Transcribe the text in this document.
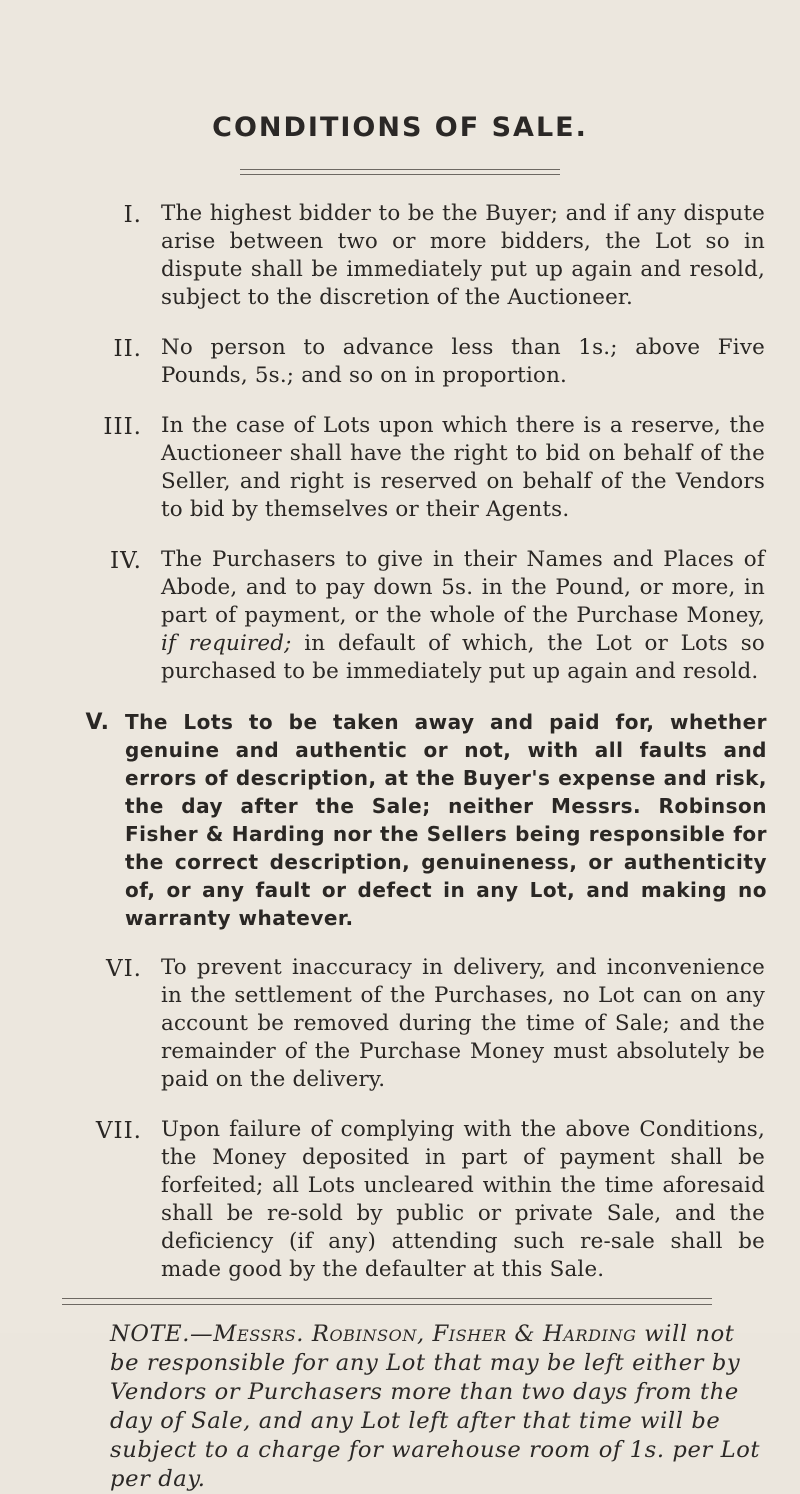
CONDITIONS OF SALE.
I. The highest bidder to be the Buyer; and if any dispute arise between two or more bidders, the Lot so in dispute shall be immediately put up again and resold, subject to the discretion of the Auctioneer.

II. No person to advance less than 1s.; above Five Pounds, 5s.; and so on in proportion.

III. In the case of Lots upon which there is a reserve, the Auctioneer shall have the right to bid on behalf of the Seller, and right is reserved on behalf of the Vendors to bid by themselves or their Agents.

IV. The Purchasers to give in their Names and Places of Abode, and to pay down 5s. in the Pound, or more, in part of payment, or the whole of the Purchase Money, if required; in default of which, the Lot or Lots so purchased to be immediately put up again and resold.

V. The Lots to be taken away and paid for, whether genuine and authentic or not, with all faults and errors of description, at the Buyer's expense and risk, the day after the Sale; neither Messrs. Robinson Fisher & Harding nor the Sellers being responsible for the correct description, genuineness, or authenticity of, or any fault or defect in any Lot, and making no warranty whatever.

VI. To prevent inaccuracy in delivery, and inconvenience in the settlement of the Purchases, no Lot can on any account be removed during the time of Sale; and the remainder of the Purchase Money must absolutely be paid on the delivery.

VII. Upon failure of complying with the above Conditions, the Money deposited in part of payment shall be forfeited; all Lots uncleared within the time aforesaid shall be re-sold by public or private Sale, and the deficiency (if any) attending such re-sale shall be made good by the defaulter at this Sale.

NOTE.—Messrs. Robinson, Fisher & Harding will not be responsible for any Lot that may be left either by Vendors or Purchasers more than two days from the day of Sale, and any Lot left after that time will be subject to a charge for warehouse room of 1s. per Lot per day.
